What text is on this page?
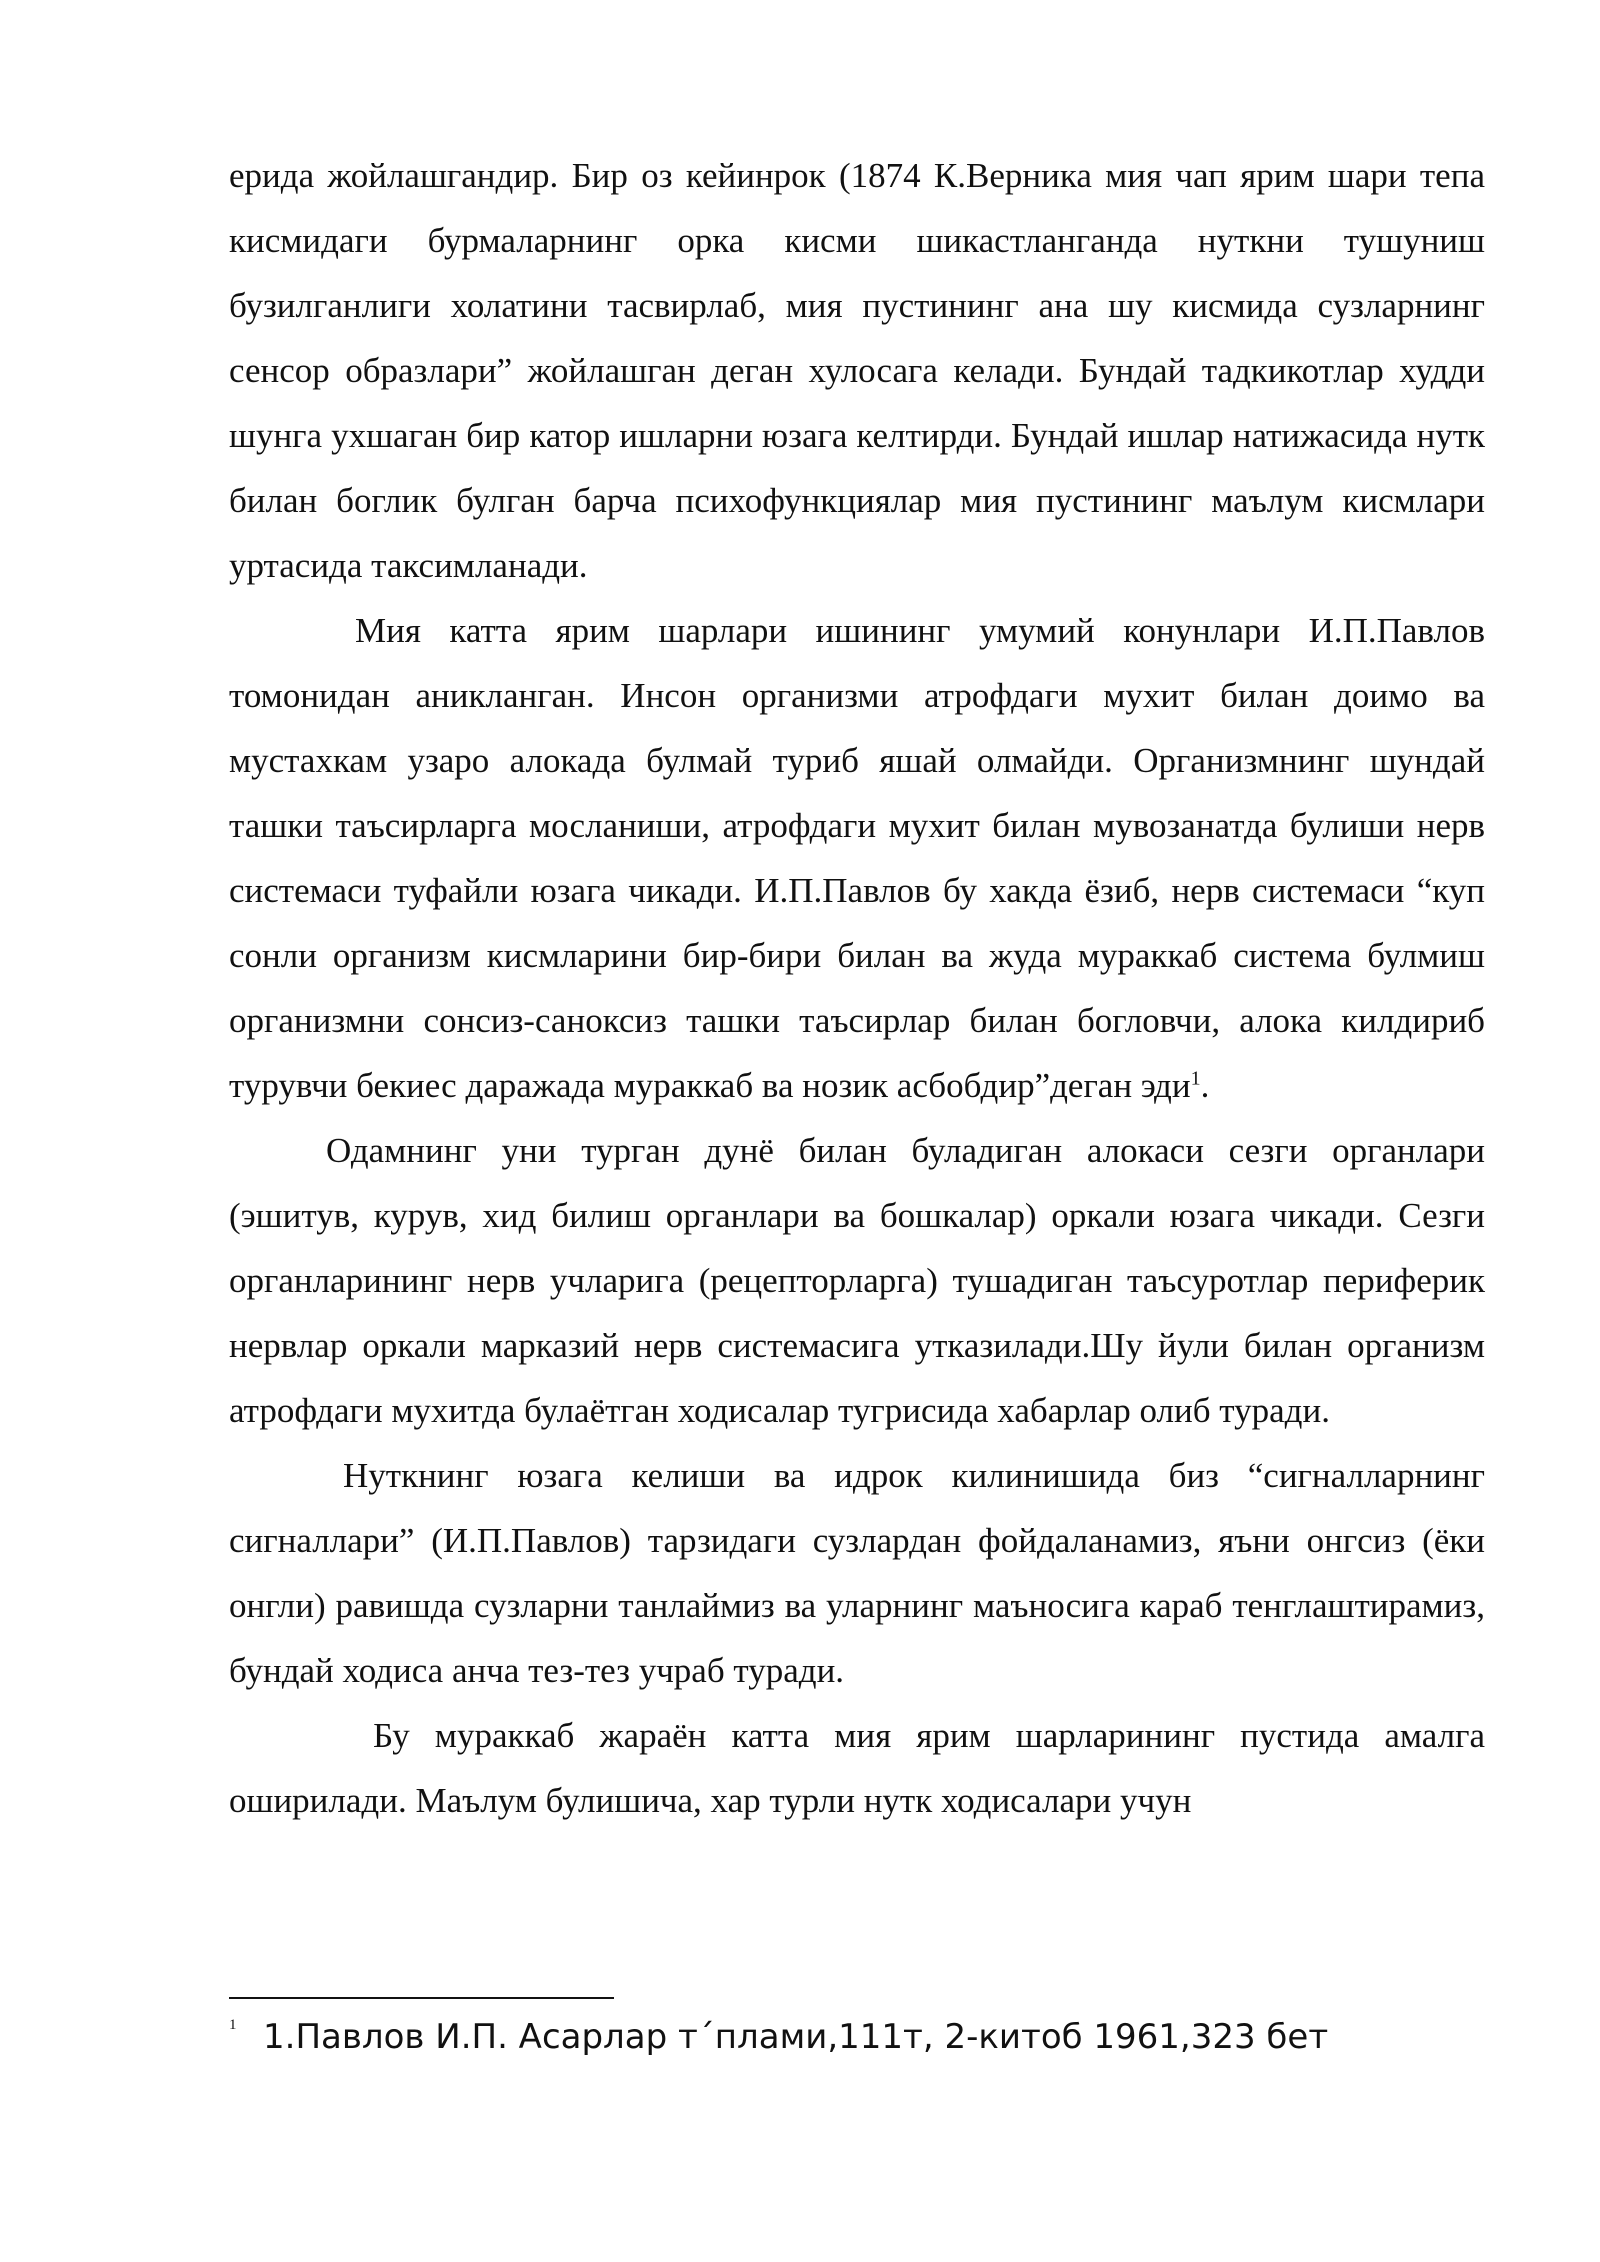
ерида жойлашгандир. Бир оз кейинрок (1874 К.Верника мия чап ярим шари тепа кисмидаги бурмаларнинг орка кисми шикастланганда нуткни тушуниш бузилганлиги холатини тасвирлаб, мия пустининг ана шу кисмида сузларнинг сенсор образлари” жойлашган деган хулосага келади. Бундай тадкикотлар худди шунга ухшаган бир катор ишларни юзага келтирди. Бундай ишлар натижасида нутк билан боглик булган барча психофункциялар мия пустининг маълум кисмлари уртасида таксимланади.

Мия катта ярим шарлари ишининг умумий конунлари И.П.Павлов томонидан аникланган. Инсон организми атрофдаги мухит билан доимо ва мустахкам узаро алокада булмай туриб яшай олмайди. Организмнинг шундай ташки таъсирларга мосланиши, атрофдаги мухит билан мувозанатда булиши нерв системаси туфайли юзага чикади. И.П.Павлов бу хакда ёзиб, нерв системаси “куп сонли организм кисмларини бир-бири билан ва жуда мураккаб система булмиш организмни сонсиз-саноксиз ташки таъсирлар билан богловчи, алока килдириб турувчи бекиес даражада мураккаб ва нозик асбобдир”деган эди$^1$.

Одамнинг уни турган дунё билан буладиган алокаси сезги органлари (эшитув, курув, хид билиш органлари ва бошкалар) оркали юзага чикади. Сезги органларининг нерв учларига (рецепторларга) тушадиган таъсуротлар периферик нервлар оркали марказий нерв системасига утказилади.Шу йули билан организм атрофдаги мухитда булаётган ходисалар тугрисида хабарлар олиб туради.

Нуткнинг юзага келиши ва идрок килинишида биз “сигналларнинг сигналлари” (И.П.Павлов) тарзидаги сузлардан фойдаланамиз, яъни онгсиз (ёки онгли) равишда сузларни танлаймиз ва уларнинг маъносига караб тенглаштирамиз, бундай ходиса анча тез-тез учраб туради.

Бу мураккаб жараён катта мия ярим шарларининг пустида амалга оширилади. Маълум булишича, хар турли нутк ходисалари учун

1 1.Павлов И.П. Асарлар т´плами,111т, 2-китоб 1961,323 бет
